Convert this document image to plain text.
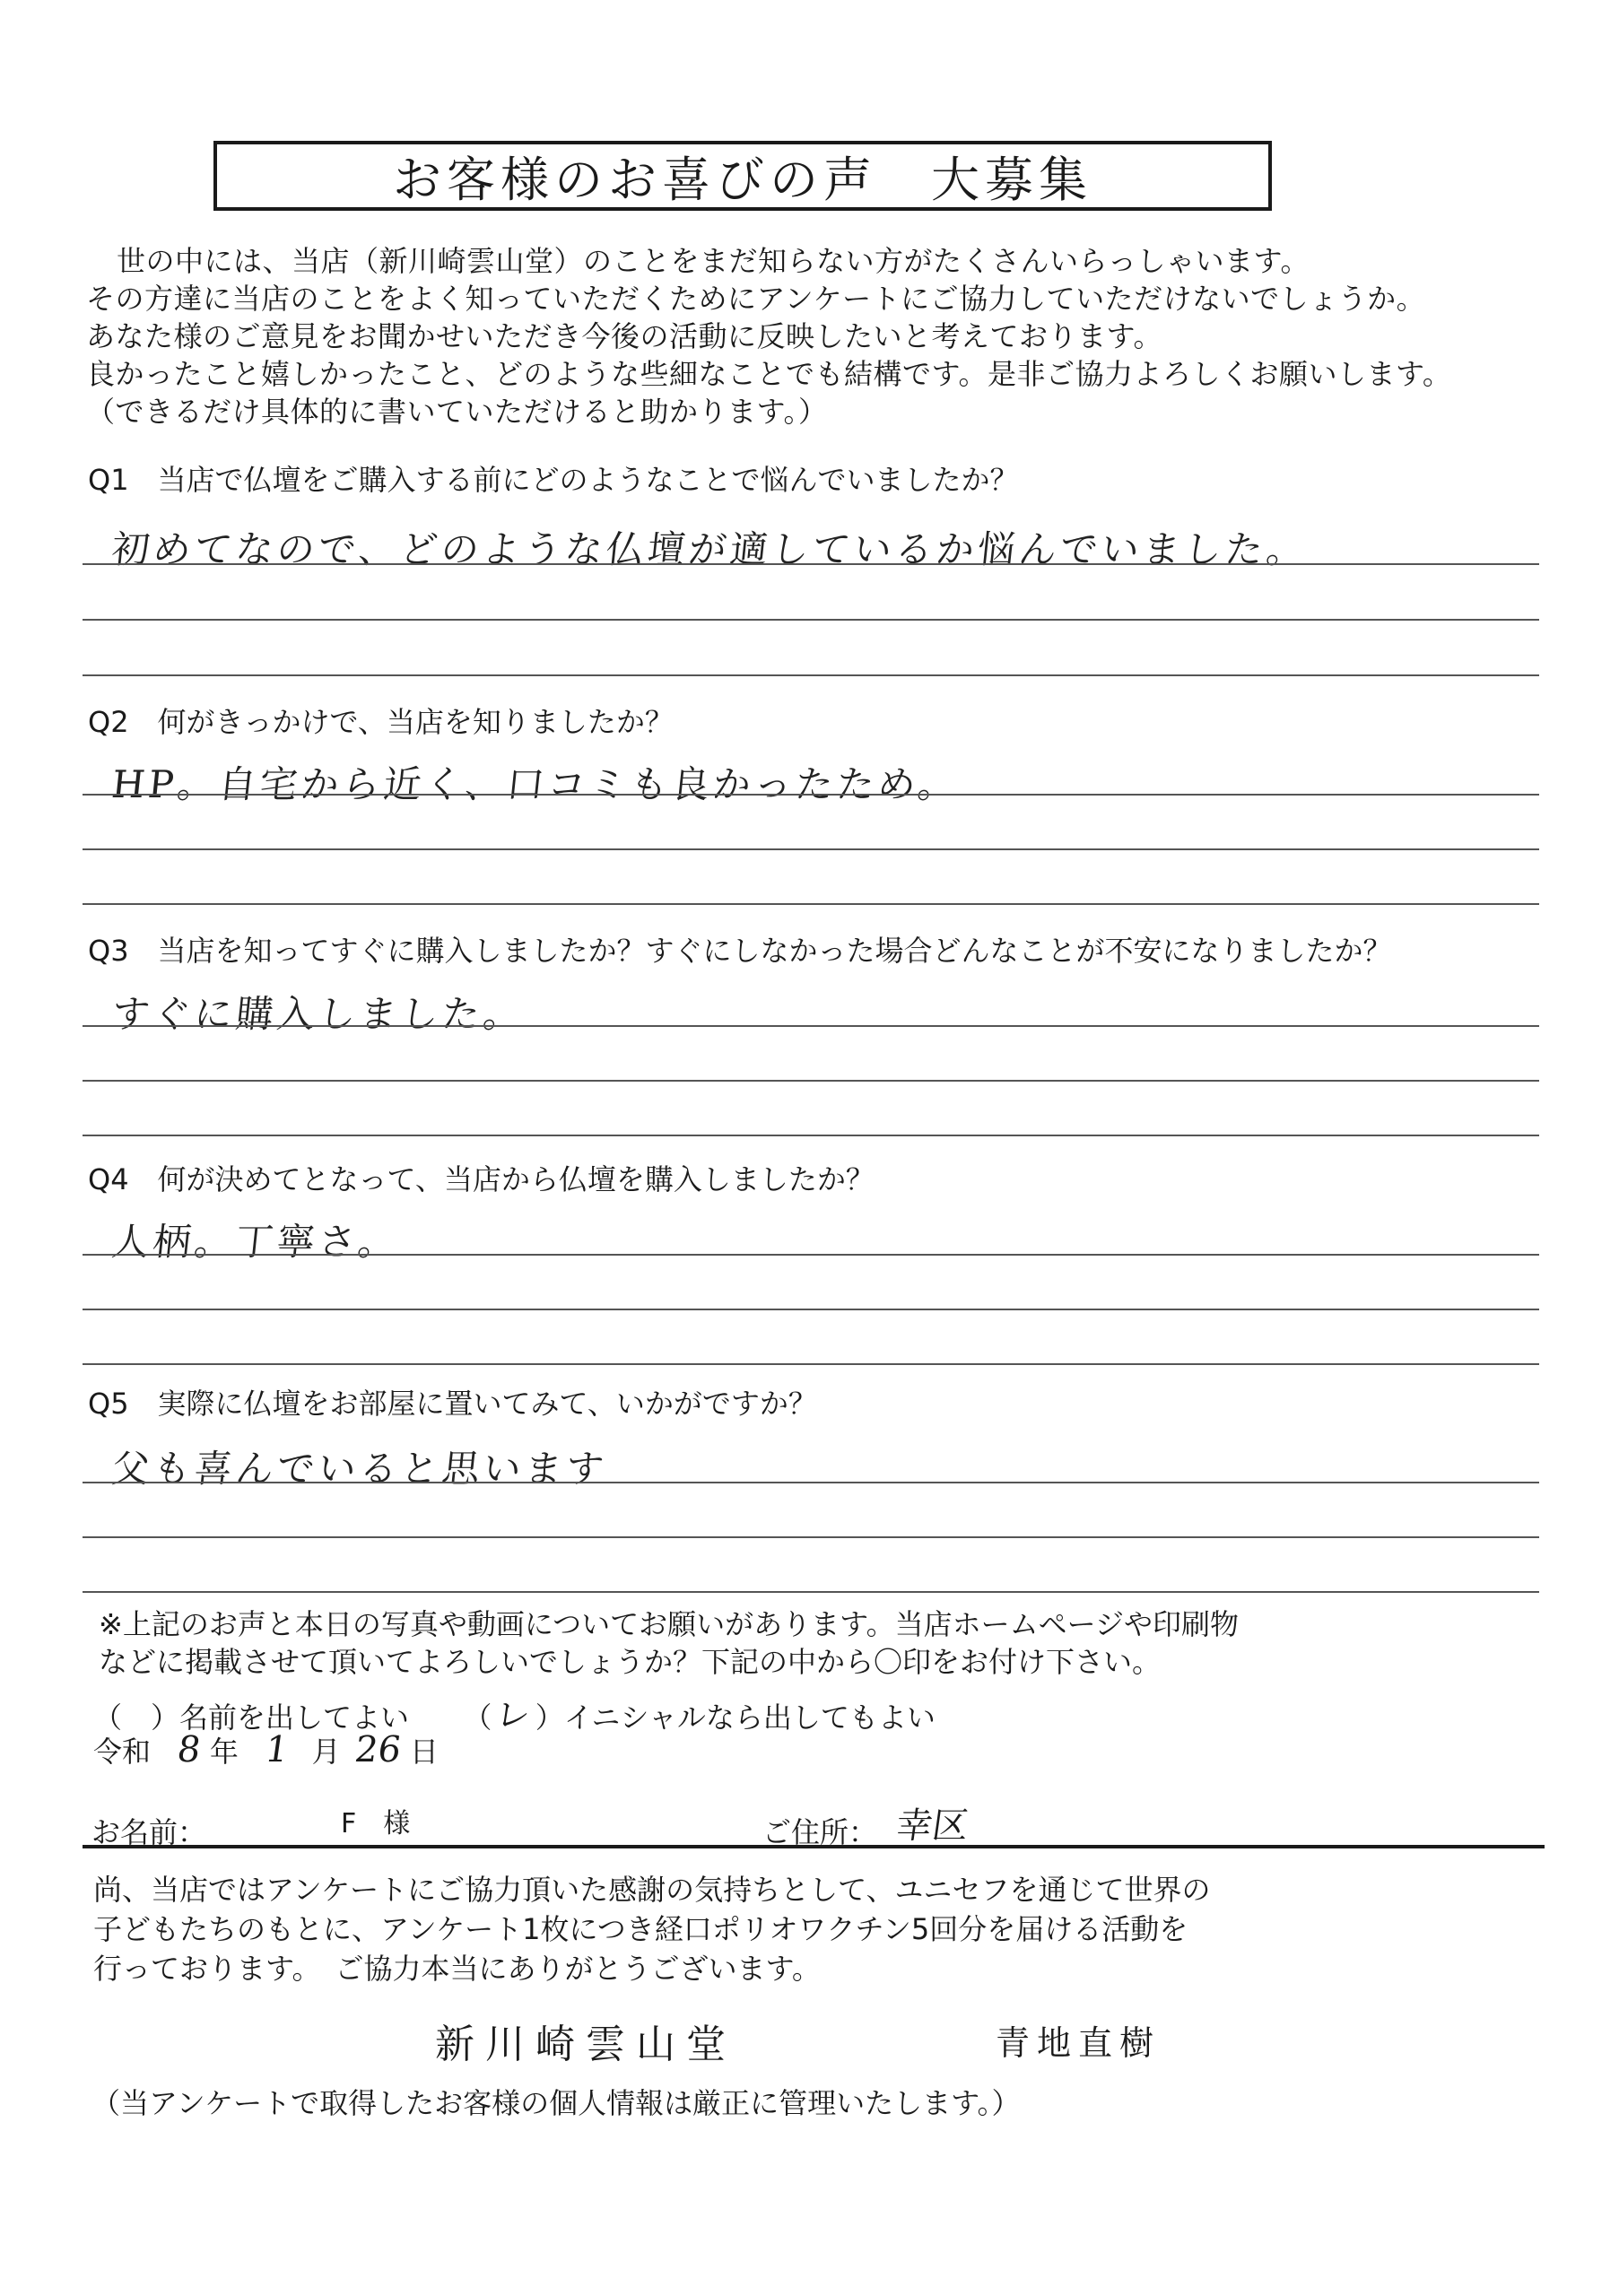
お客様のお喜びの声　大募集
世の中には、当店（新川崎雲山堂）のことをまだ知らない方がたくさんいらっしゃいます。
その方達に当店のことをよく知っていただくためにアンケートにご協力していただけないでしょうか。
あなた様のご意見をお聞かせいただき今後の活動に反映したいと考えております。
良かったこと嬉しかったこと、どのような些細なことでも結構です。是非ご協力よろしくお願いします。
（できるだけ具体的に書いていただけると助かります。）
Q1　当店で仏壇をご購入する前にどのようなことで悩んでいましたか？
初めてなので、どのような仏壇が適しているか悩んでいました。
Q2　何がきっかけで、当店を知りましたか？
HP。自宅から近く、口コミも良かったため。
Q3　当店を知ってすぐに購入しましたか？すぐにしなかった場合どんなことが不安になりましたか？
すぐに購入しました。
Q4　何が決めてとなって、当店から仏壇を購入しましたか？
人柄。丁寧さ。
Q5　実際に仏壇をお部屋に置いてみて、いかがですか？
父も喜んでいると思います
※上記のお声と本日の写真や動画についてお願いがあります。当店ホームページや印刷物
などに掲載させて頂いてよろしいでしょうか？下記の中から〇印をお付け下さい。
（　）名前を出してよい （ レ ）イニシャルなら出してもよい
令和 8 年 1 月 26 日
お名前：	F　様	ご住所： 幸区
尚、当店ではアンケートにご協力頂いた感謝の気持ちとして、ユニセフを通じて世界の
子どもたちのもとに、アンケート1枚につき経口ポリオワクチン5回分を届ける活動を
行っております。　ご協力本当にありがとうございます。
新川崎雲山堂	青地直樹
（当アンケートで取得したお客様の個人情報は厳正に管理いたします。）
